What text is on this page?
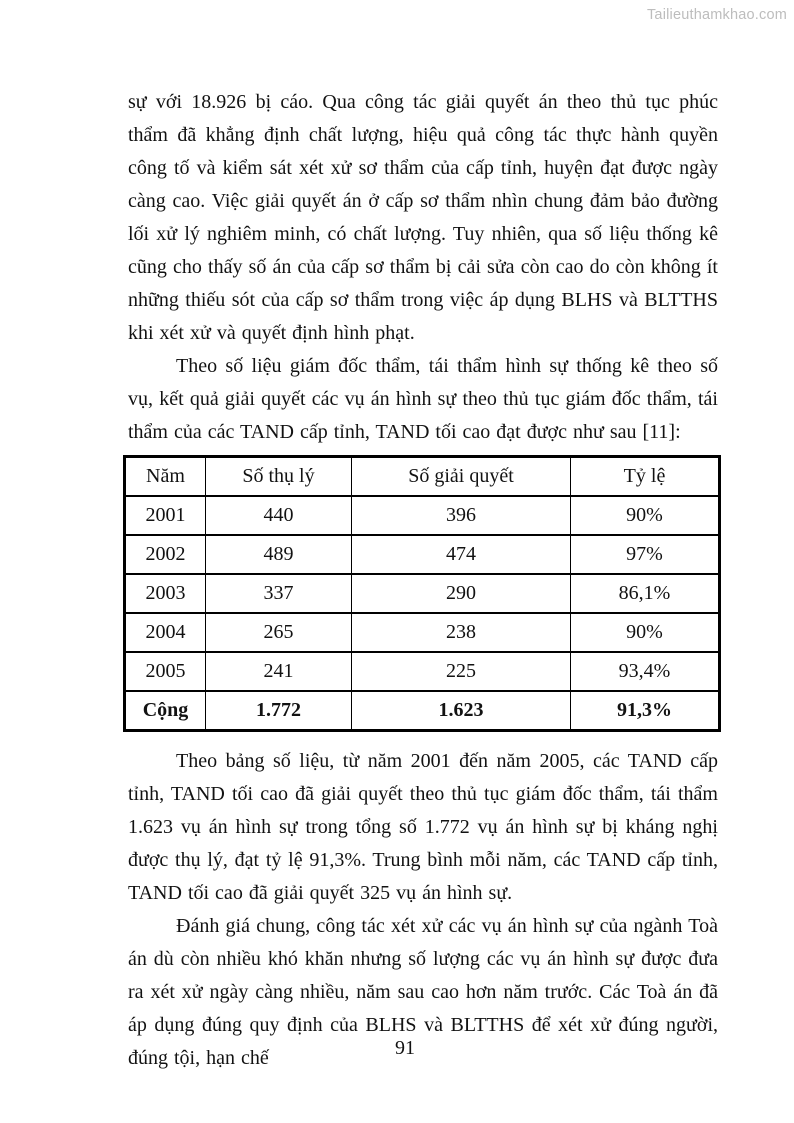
Tailieuthamkhao.com

sự với 18.926 bị cáo. Qua công tác giải quyết án theo thủ tục phúc thẩm đã khẳng định chất lượng, hiệu quả công tác thực hành quyền công tố và kiểm sát xét xử sơ thẩm của cấp tỉnh, huyện đạt được ngày càng cao. Việc giải quyết án ở cấp sơ thẩm nhìn chung đảm bảo đường lối xử lý nghiêm minh, có chất lượng. Tuy nhiên, qua số liệu thống kê cũng cho thấy số án của cấp sơ thẩm bị cải sửa còn cao do còn không ít những thiếu sót của cấp sơ thẩm trong việc áp dụng BLHS và BLTTHS khi xét xử và quyết định hình phạt.

Theo số liệu giám đốc thẩm, tái thẩm hình sự thống kê theo số vụ, kết quả giải quyết các vụ án hình sự theo thủ tục giám đốc thẩm, tái thẩm của các TAND cấp tỉnh, TAND tối cao đạt được như sau [11]:

Năm	Số thụ lý	Số giải quyết	Tỷ lệ
2001	440	396	90%
2002	489	474	97%
2003	337	290	86,1%
2004	265	238	90%
2005	241	225	93,4%
Cộng	1.772	1.623	91,3%

Theo bảng số liệu, từ năm 2001 đến năm 2005, các TAND cấp tỉnh, TAND tối cao đã giải quyết theo thủ tục giám đốc thẩm, tái thẩm 1.623 vụ án hình sự trong tổng số 1.772 vụ án hình sự bị kháng nghị được thụ lý, đạt tỷ lệ 91,3%. Trung bình mỗi năm, các TAND cấp tỉnh, TAND tối cao đã giải quyết 325 vụ án hình sự.

Đánh giá chung, công tác xét xử các vụ án hình sự của ngành Toà án dù còn nhiều khó khăn nhưng số lượng các vụ án hình sự được đưa ra xét xử ngày càng nhiều, năm sau cao hơn năm trước. Các Toà án đã áp dụng đúng quy định của BLHS và BLTTHS để xét xử đúng người, đúng tội, hạn chế	91
